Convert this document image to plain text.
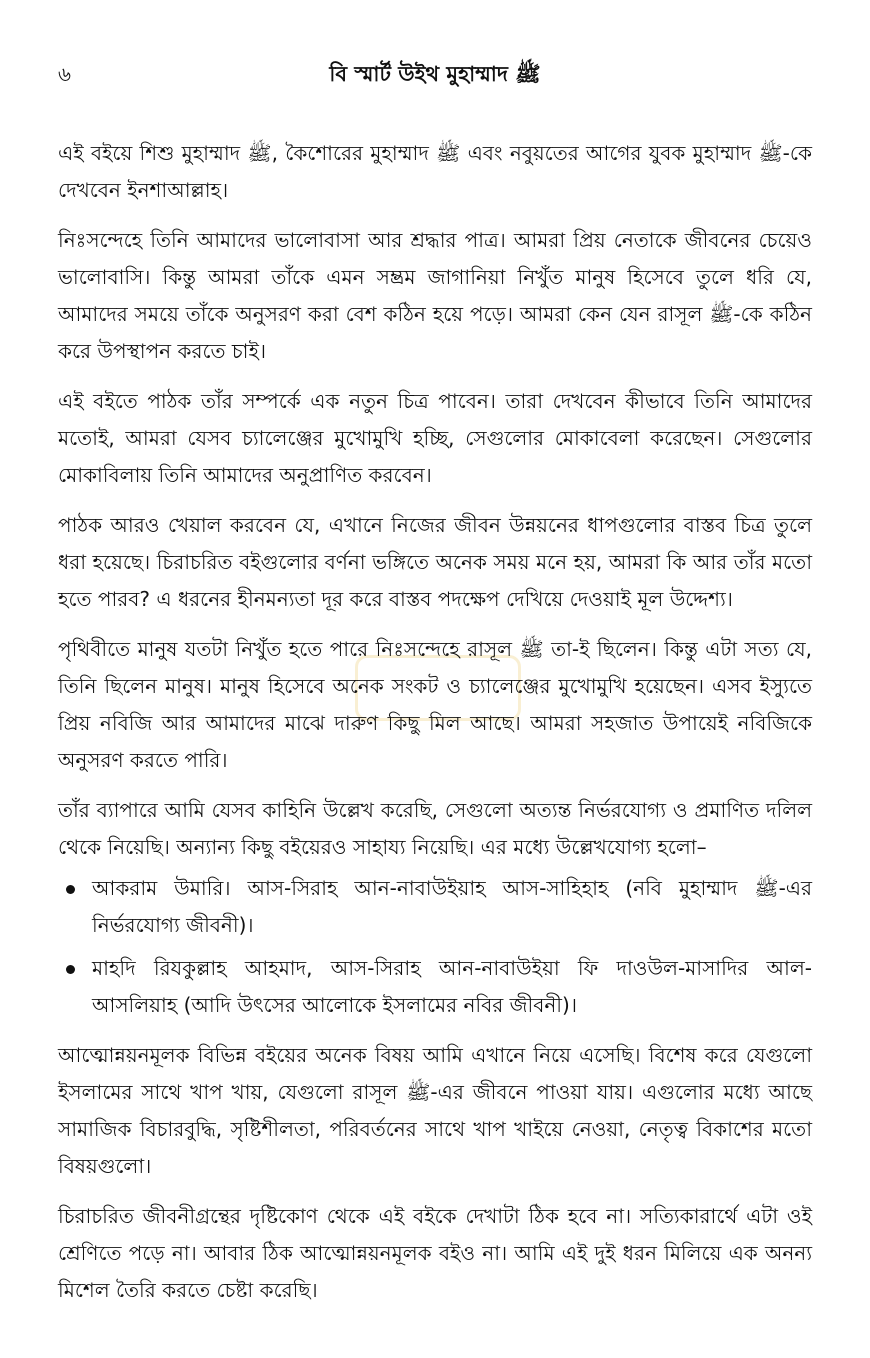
৬	বি স্মার্ট উইথ মুহাম্মাদ ﷺ

এই বইয়ে শিশু মুহাম্মাদ ﷺ, কৈশোরের মুহাম্মাদ ﷺ এবং নবুয়তের আগের যুবক মুহাম্মাদ ﷺ-কে দেখবেন ইনশাআল্লাহ।

নিঃসন্দেহে তিনি আমাদের ভালোবাসা আর শ্রদ্ধার পাত্র। আমরা প্রিয় নেতাকে জীবনের চেয়েও ভালোবাসি। কিন্তু আমরা তাঁকে এমন সম্ভ্রম জাগানিয়া নিখুঁত মানুষ হিসেবে তুলে ধরি যে, আমাদের সময়ে তাঁকে অনুসরণ করা বেশ কঠিন হয়ে পড়ে। আমরা কেন যেন রাসূল ﷺ-কে কঠিন করে উপস্থাপন করতে চাই।

এই বইতে পাঠক তাঁর সম্পর্কে এক নতুন চিত্র পাবেন। তারা দেখবেন কীভাবে তিনি আমাদের মতোই, আমরা যেসব চ্যালেঞ্জের মুখোমুখি হচ্ছি, সেগুলোর মোকাবেলা করেছেন। সেগুলোর মোকাবিলায় তিনি আমাদের অনুপ্রাণিত করবেন।

পাঠক আরও খেয়াল করবেন যে, এখানে নিজের জীবন উন্নয়নের ধাপগুলোর বাস্তব চিত্র তুলে ধরা হয়েছে। চিরাচরিত বইগুলোর বর্ণনা ভঙ্গিতে অনেক সময় মনে হয়, আমরা কি আর তাঁর মতো হতে পারব? এ ধরনের হীনমন্যতা দূর করে বাস্তব পদক্ষেপ দেখিয়ে দেওয়াই মূল উদ্দেশ্য।

পৃথিবীতে মানুষ যতটা নিখুঁত হতে পারে নিঃসন্দেহে রাসূল ﷺ তা-ই ছিলেন। কিন্তু এটা সত্য যে, তিনি ছিলেন মানুষ। মানুষ হিসেবে অনেক সংকট ও চ্যালেঞ্জের মুখোমুখি হয়েছেন। এসব ইস্যুতে প্রিয় নবিজি আর আমাদের মাঝে দারুণ কিছু মিল আছে। আমরা সহজাত উপায়েই নবিজিকে অনুসরণ করতে পারি।

তাঁর ব্যাপারে আমি যেসব কাহিনি উল্লেখ করেছি, সেগুলো অত্যন্ত নির্ভরযোগ্য ও প্রমাণিত দলিল থেকে নিয়েছি। অন্যান্য কিছু বইয়েরও সাহায্য নিয়েছি। এর মধ্যে উল্লেখযোগ্য হলো–

আকরাম উমারি। আস-সিরাহ আন-নাবাউইয়াহ আস-সাহিহাহ (নবি মুহাম্মাদ ﷺ-এর নির্ভরযোগ্য জীবনী)।
মাহদি রিযকুল্লাহ আহমাদ, আস-সিরাহ আন-নাবাউইয়া ফি দাওউল-মাসাদির আল-আসলিয়াহ (আদি উৎসের আলোকে ইসলামের নবির জীবনী)।

আত্মোন্নয়নমূলক বিভিন্ন বইয়ের অনেক বিষয় আমি এখানে নিয়ে এসেছি। বিশেষ করে যেগুলো ইসলামের সাথে খাপ খায়, যেগুলো রাসূল ﷺ-এর জীবনে পাওয়া যায়। এগুলোর মধ্যে আছে সামাজিক বিচারবুদ্ধি, সৃষ্টিশীলতা, পরিবর্তনের সাথে খাপ খাইয়ে নেওয়া, নেতৃত্ব বিকাশের মতো বিষয়গুলো।

চিরাচরিত জীবনীগ্রন্থের দৃষ্টিকোণ থেকে এই বইকে দেখাটা ঠিক হবে না। সত্যিকারার্থে এটা ওই শ্রেণিতে পড়ে না। আবার ঠিক আত্মোন্নয়নমূলক বইও না। আমি এই দুই ধরন মিলিয়ে এক অনন্য মিশেল তৈরি করতে চেষ্টা করেছি।
